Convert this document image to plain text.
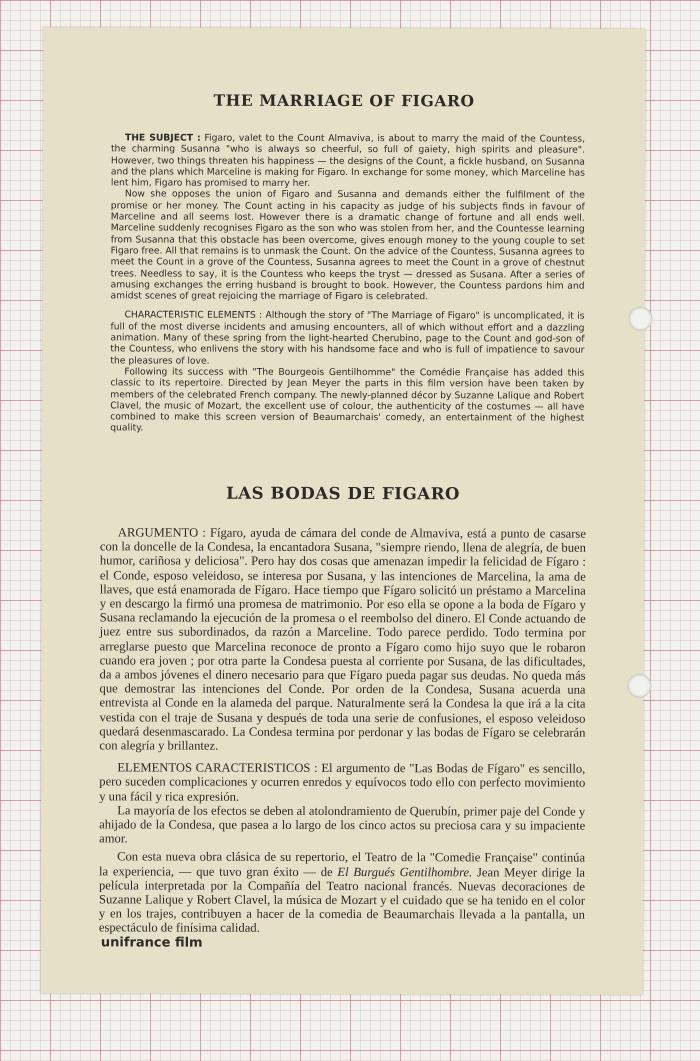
THE MARRIAGE OF FIGARO

THE SUBJECT : Figaro, valet to the Count Almaviva, is about to marry the maid of the Countess, the charming Susanna "who is always so cheerful, so full of gaiety, high spirits and pleasure". However, two things threaten his happiness — the designs of the Count, a fickle husband, on Susanna and the plans which Marceline is making for Figaro. In exchange for some money, which Marceline has lent him, Figaro has promised to marry her.

Now she opposes the union of Figaro and Susanna and demands either the fulfilment of the promise or her money. The Count acting in his capacity as judge of his subjects finds in favour of Marceline and all seems lost. However there is a dramatic change of fortune and all ends well. Marceline suddenly recognises Figaro as the son who was stolen from her, and the Countesse learning from Susanna that this obstacle has been overcome, gives enough money to the young couple to set Figaro free. All that remains is to unmask the Count. On the advice of the Countess, Susanna agrees to meet the Count in a grove of the Countess, Susanna agrees to meet the Count in a grove of chestnut trees. Needless to say, it is the Countess who keeps the tryst — dressed as Susana. After a series of amusing exchanges the erring husband is brought to book. However, the Countess pardons him and amidst scenes of great rejoicing the marriage of Figaro is celebrated.

CHARACTERISTIC ELEMENTS : Although the story of "The Marriage of Figaro" is uncomplicated, it is full of the most diverse incidents and amusing encounters, all of which without effort and a dazzling animation. Many of these spring from the light-hearted Cherubino, page to the Count and god-son of the Countess, who enlivens the story with his handsome face and who is full of impatience to savour the pleasures of love.

Following its success with "The Bourgeois Gentilhomme" the Comédie Française has added this classic to its repertoire. Directed by Jean Meyer the parts in this film version have been taken by members of the celebrated French company. The newly-planned décor by Suzanne Lalique and Robert Clavel, the music of Mozart, the excellent use of colour, the authenticity of the costumes — all have combined to make this screen version of Beaumarchais' comedy, an entertainment of the highest quality.

LAS BODAS DE FIGARO

ARGUMENTO : Fígaro, ayuda de cámara del conde de Almaviva, está a punto de casarse con la doncelle de la Condesa, la encantadora Susana, "siempre riendo, llena de alegría, de buen humor, cariñosa y deliciosa". Pero hay dos cosas que amenazan impedir la felicidad de Fígaro : el Conde, esposo veleidoso, se interesa por Susana, y las intenciones de Marcelina, la ama de llaves, que está enamorada de Fígaro. Hace tiempo que Fígaro solicitó un préstamo a Marcelina y en descargo la firmó una promesa de matrimonio. Por eso ella se opone a la boda de Fígaro y Susana reclamando la ejecución de la promesa o el reembolso del dinero. El Conde actuando de juez entre sus subordinados, da razón a Marceline. Todo parece perdido. Todo termina por arreglarse puesto que Marcelina reconoce de pronto a Fígaro como hijo suyo que le robaron cuando era joven ; por otra parte la Condesa puesta al corriente por Susana, de las dificultades, da a ambos jóvenes el dinero necesario para que Fígaro pueda pagar sus deudas. No queda más que demostrar las intenciones del Conde. Por orden de la Condesa, Susana acuerda una entrevista al Conde en la alameda del parque. Naturalmente será la Condesa la que irá a la cita vestida con el traje de Susana y después de toda una serie de confusiones, el esposo veleidoso quedará desenmascarado. La Condesa termina por perdonar y las bodas de Fígaro se celebrarán con alegría y brillantez.

ELEMENTOS CARACTERISTICOS : El argumento de "Las Bodas de Fígaro" es sencillo, pero suceden complicaciones y ocurren enredos y equívocos todo ello con perfecto movimiento y una fácil y rica expresión.

La mayoría de los efectos se deben al atolondramiento de Querubín, primer paje del Conde y ahijado de la Condesa, que pasea a lo largo de los cinco actos su preciosa cara y su impaciente amor.

Con esta nueva obra clásica de su repertorio, el Teatro de la "Comedie Française" continúa la experiencia, — que tuvo gran éxito — de El Burgués Gentilhombre. Jean Meyer dirige la película interpretada por la Compañía del Teatro nacional francés. Nuevas decoraciones de Suzanne Lalique y Robert Clavel, la música de Mozart y el cuidado que se ha tenido en el color y en los trajes, contribuyen a hacer de la comedia de Beaumarchais llevada a la pantalla, un espectáculo de finísima calidad.

unifrance film
